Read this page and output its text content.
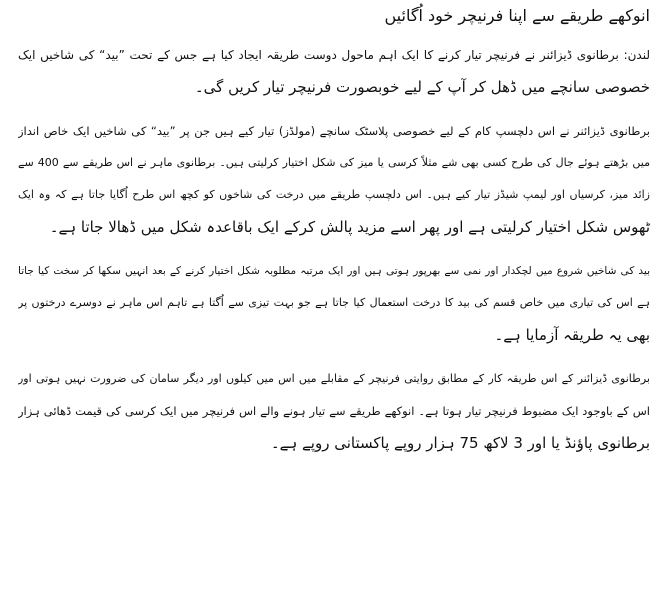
انوکھے طریقے سے اپنا فرنیچر خود اُگائیں
لندن: برطانوی ڈیزائنر نے فرنیچر تیار کرنے کا ایک اہم ماحول دوست طریقہ ایجاد کیا ہے جس کے تحت ”بید“ کی شاخیں ایک
خصوصی سانچے میں ڈھل کر آپ کے لیے خوبصورت فرنیچر تیار کریں گی۔
برطانوی ڈیزائنر نے اس دلچسپ کام کے لیے خصوصی پلاسٹک سانچے (مولڈز) تیار کیے ہیں جن پر ”بید“ کی شاخیں ایک خاص انداز
میں بڑھتے ہوئے جال کی طرح کسی بھی شے مثلاً کرسی یا میز کی شکل اختیار کرلیتی ہیں۔ برطانوی ماہر نے اس طریقے سے 400 سے
زائد میز، کرسیاں اور لیمپ شیڈز تیار کیے ہیں۔ اس دلچسپ طریقے میں درخت کی شاخوں کو کچھ اس طرح اُگایا جاتا ہے کہ وہ ایک
ٹھوس شکل اختیار کرلیتی ہے اور پھر اسے مزید پالش کرکے ایک باقاعدہ شکل میں ڈھالا جاتا ہے۔
بید کی شاخیں شروع میں لچکدار اور نمی سے بھرپور ہوتی ہیں اور ایک مرتبہ مطلوبہ شکل اختیار کرنے کے بعد انہیں سکھا کر سخت کیا جاتا
ہے اس کی تیاری میں خاص قسم کی بید کا درخت استعمال کیا جاتا ہے جو بہت تیزی سے اُگتا ہے تاہم اس ماہر نے دوسرے درختوں پر
بھی یہ طریقہ آزمایا ہے۔
برطانوی ڈیزائنر کے اس طریقہ کار کے مطابق روایتی فرنیچر کے مقابلے میں اس میں کیلوں اور دیگر سامان کی ضرورت نہیں ہوتی اور
اس کے باوجود ایک مضبوط فرنیچر تیار ہوتا ہے۔ انوکھے طریقے سے تیار ہونے والے اس فرنیچر میں ایک کرسی کی قیمت ڈھائی ہزار
برطانوی پاؤنڈ یا اور 3 لاکھ 75 ہزار روپے پاکستانی روپے ہے۔
